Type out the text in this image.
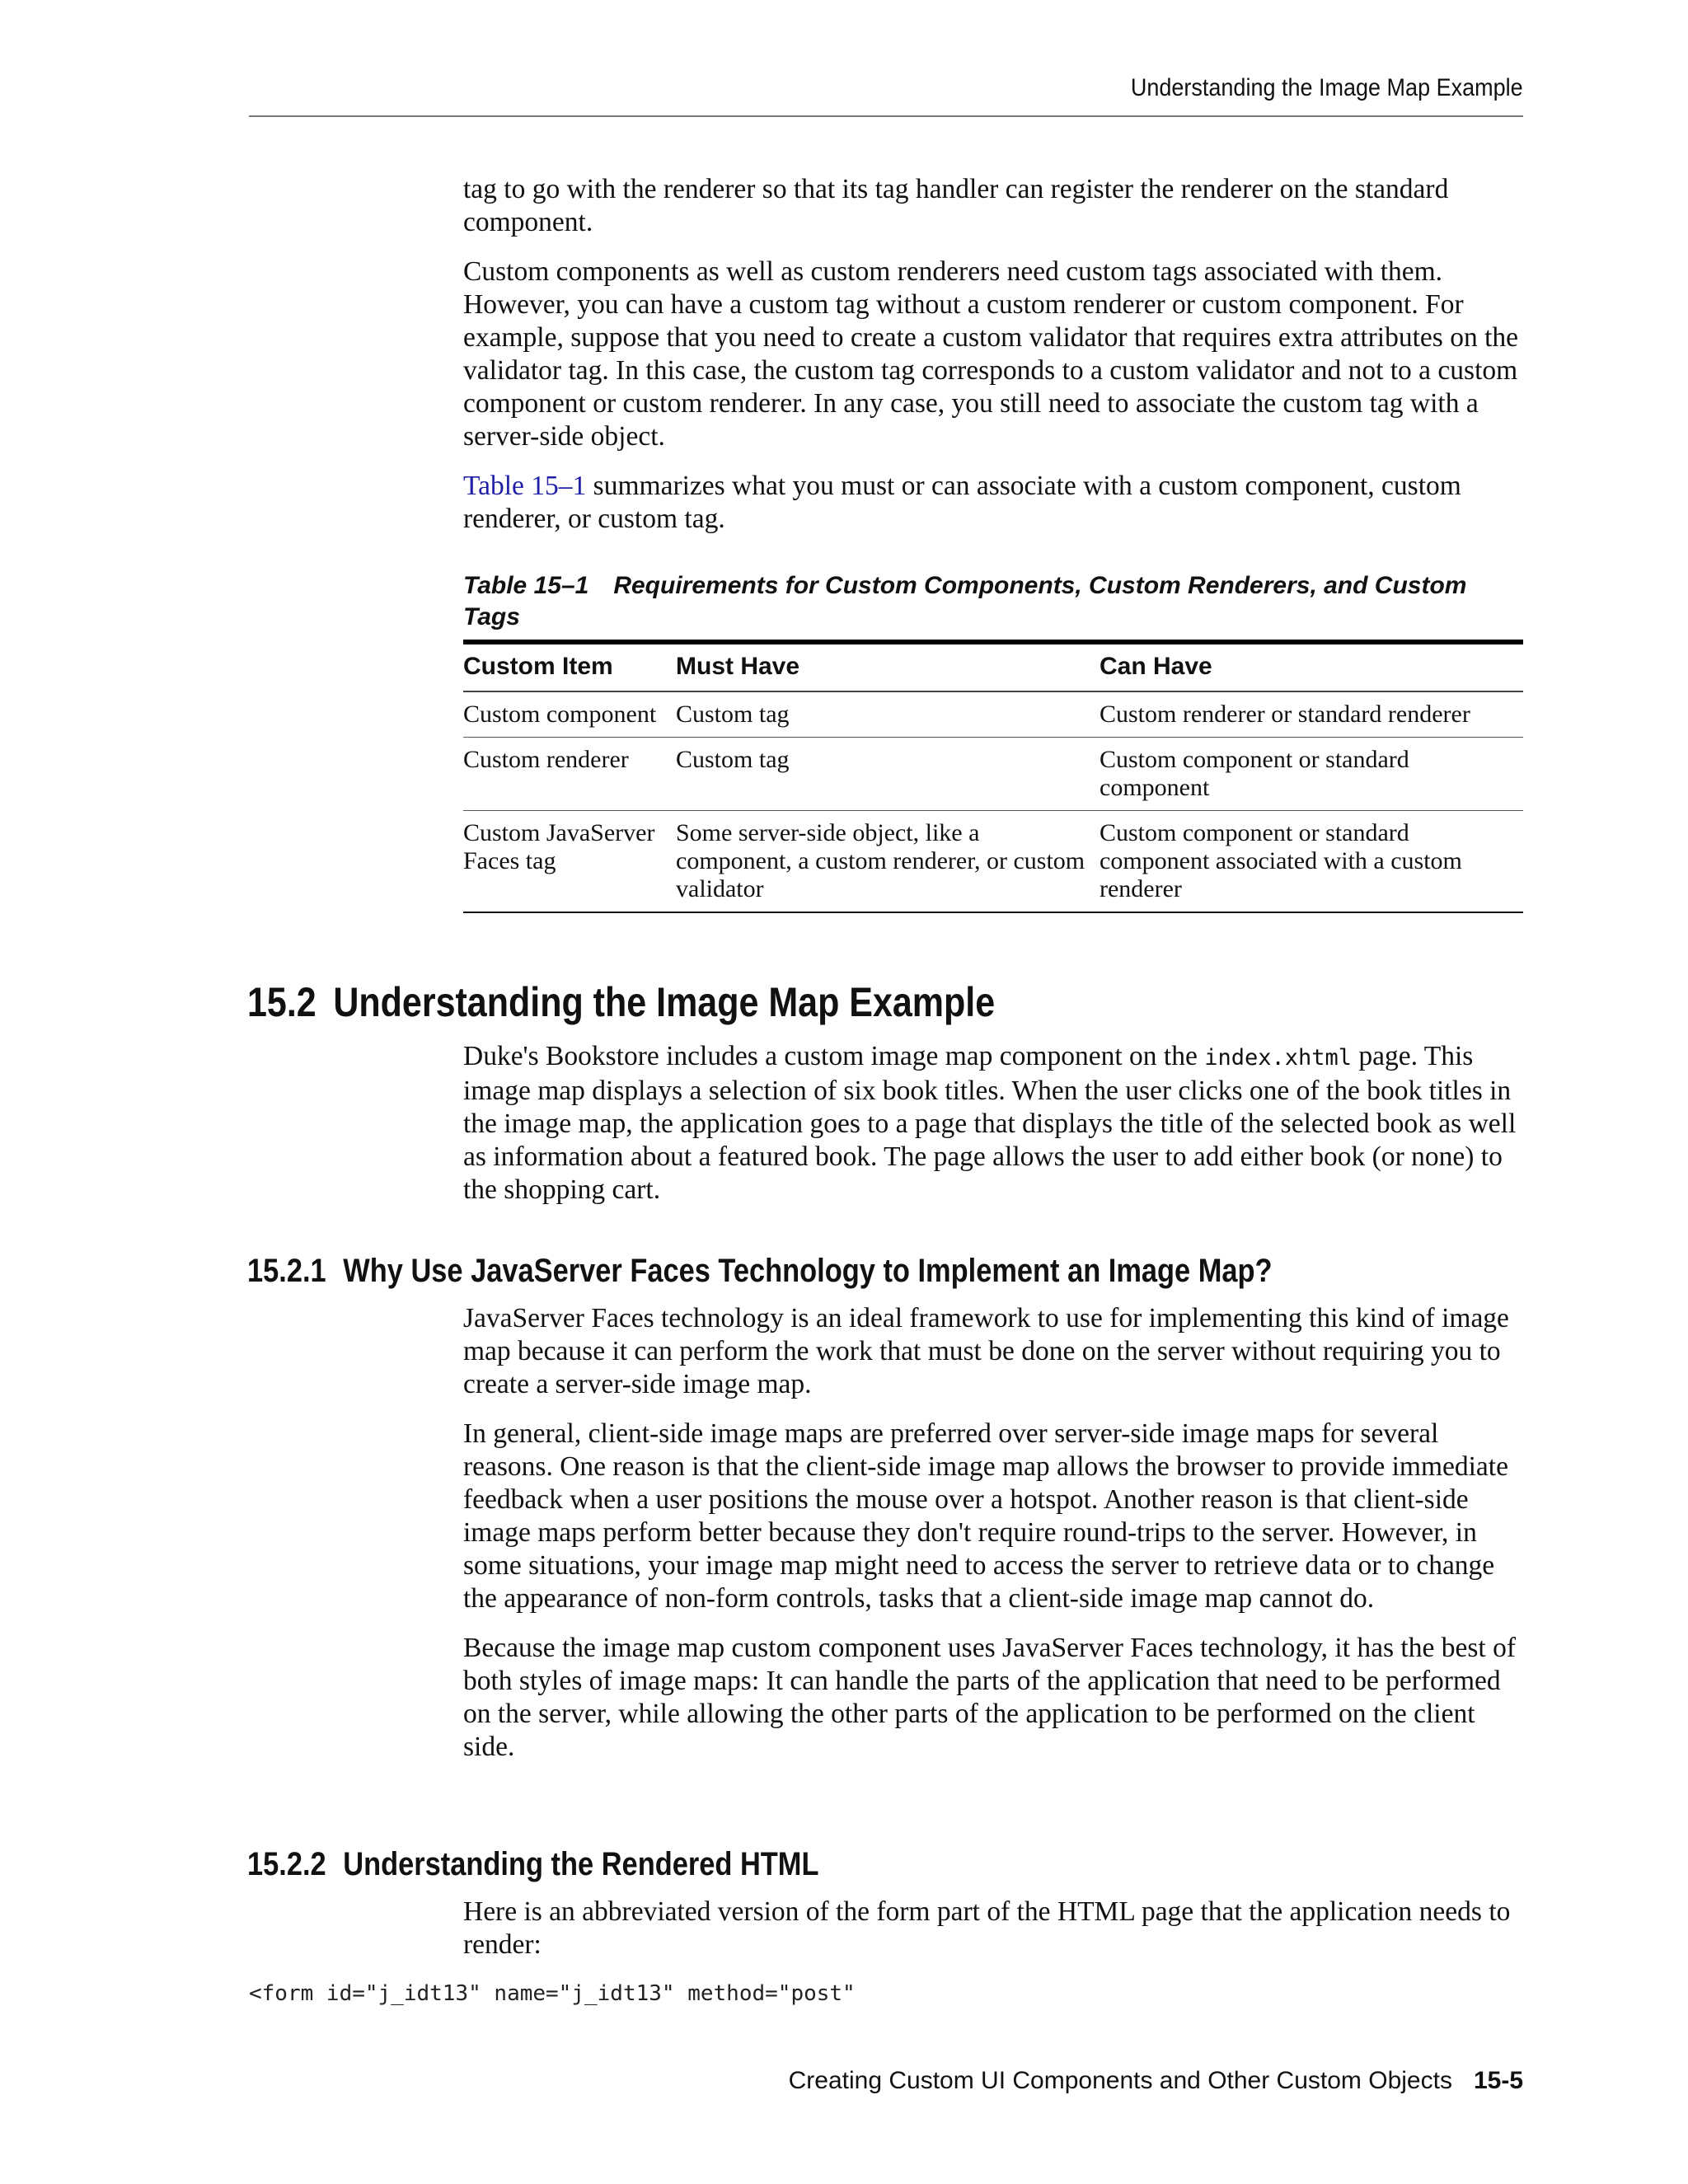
Understanding the Image Map Example

tag to go with the renderer so that its tag handler can register the renderer on the standard component.

Custom components as well as custom renderers need custom tags associated with them. However, you can have a custom tag without a custom renderer or custom component. For example, suppose that you need to create a custom validator that requires extra attributes on the validator tag. In this case, the custom tag corresponds to a custom validator and not to a custom component or custom renderer. In any case, you still need to associate the custom tag with a server-side object.

Table 15–1 summarizes what you must or can associate with a custom component, custom renderer, or custom tag.

Table 15–1 Requirements for Custom Components, Custom Renderers, and Custom Tags
Custom Item	Must Have	Can Have
Custom component	Custom tag	Custom renderer or standard renderer
Custom renderer	Custom tag	Custom component or standard component
Custom JavaServer Faces tag	Some server-side object, like a component, a custom renderer, or custom validator	Custom component or standard component associated with a custom renderer
15.2 Understanding the Image Map Example

Duke's Bookstore includes a custom image map component on the index.xhtml page. This image map displays a selection of six book titles. When the user clicks one of the book titles in the image map, the application goes to a page that displays the title of the selected book as well as information about a featured book. The page allows the user to add either book (or none) to the shopping cart.

15.2.1 Why Use JavaServer Faces Technology to Implement an Image Map?

JavaServer Faces technology is an ideal framework to use for implementing this kind of image map because it can perform the work that must be done on the server without requiring you to create a server-side image map.

In general, client-side image maps are preferred over server-side image maps for several reasons. One reason is that the client-side image map allows the browser to provide immediate feedback when a user positions the mouse over a hotspot. Another reason is that client-side image maps perform better because they don't require round-trips to the server. However, in some situations, your image map might need to access the server to retrieve data or to change the appearance of non-form controls, tasks that a client-side image map cannot do.

Because the image map custom component uses JavaServer Faces technology, it has the best of both styles of image maps: It can handle the parts of the application that need to be performed on the server, while allowing the other parts of the application to be performed on the client side.

15.2.2 Understanding the Rendered HTML

Here is an abbreviated version of the form part of the HTML page that the application needs to render:

<form id="j_idt13" name="j_idt13" method="post"
Creating Custom UI Components and Other Custom Objects 15-5
